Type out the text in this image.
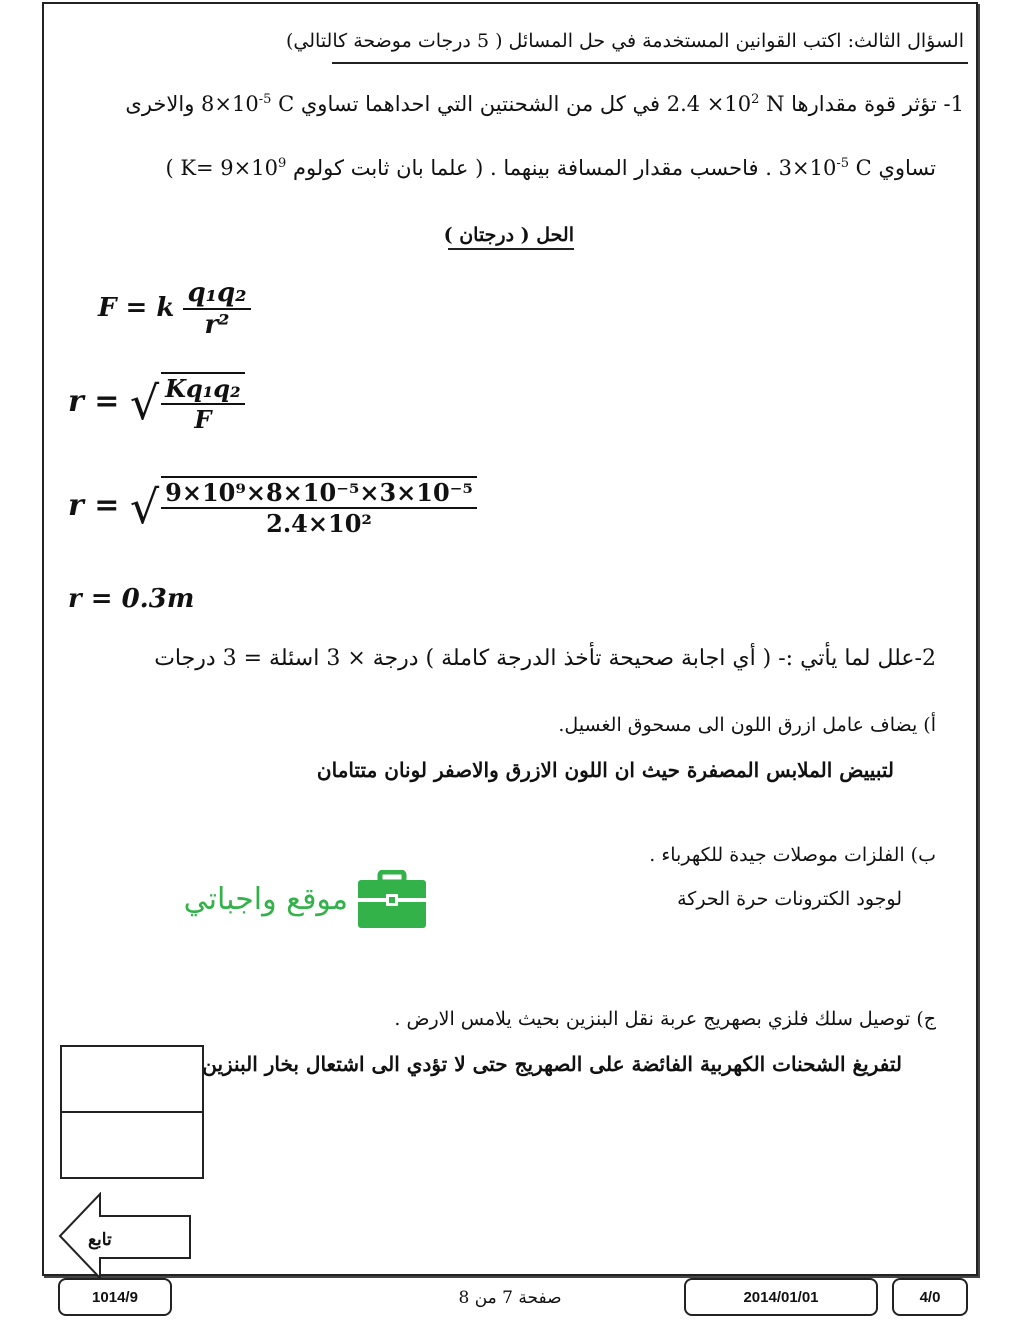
السؤال الثالث: اكتب القوانين المستخدمة في حل المسائل ( 5 درجات موضحة كالتالي)
1- تؤثر قوة مقدارها $2.4 \times 10^2$ N في كل من الشحنتين التي احداهما تساوي $8\times 10^{-5}$ C والاخرى
تساوي $3\times 10^{-5}$ C . فاحسب مقدار المسافة بينهما . ( علما بان ثابت كولوم $K= 9\times 10^9$ )
الحل ( درجتان )
F = k $\frac{\text{q₁q₂}}{\text{r²}}$
r = √ $\frac{\text{Kq₁q₂}}{F}$
r = √ $\frac{\text{9×10⁹×8×10⁻⁵×3×10⁻⁵}}{\text{2.4×10²}}$
r = 0.3m
2-علل لما يأتي :- ( أي اجابة صحيحة تأخذ الدرجة كاملة ) درجة × 3 اسئلة = 3 درجات
أ) يضاف عامل ازرق اللون الى مسحوق الغسيل.
لتبييض الملابس المصفرة حيث ان اللون الازرق والاصفر لونان متتامان
ب) الفلزات موصلات جيدة للكهرباء .
لوجود الكترونات حرة الحركة
ج) توصيل سلك فلزي بصهريج عربة نقل البنزين بحيث يلامس الارض .
لتفريغ الشحنات الكهربية الفائضة على الصهريج حتى لا تؤدي الى اشتعال بخار البنزين
موقع واجباتي
تابع
1014/9	صفحة 7 من 8	2014/01/01	4/0
